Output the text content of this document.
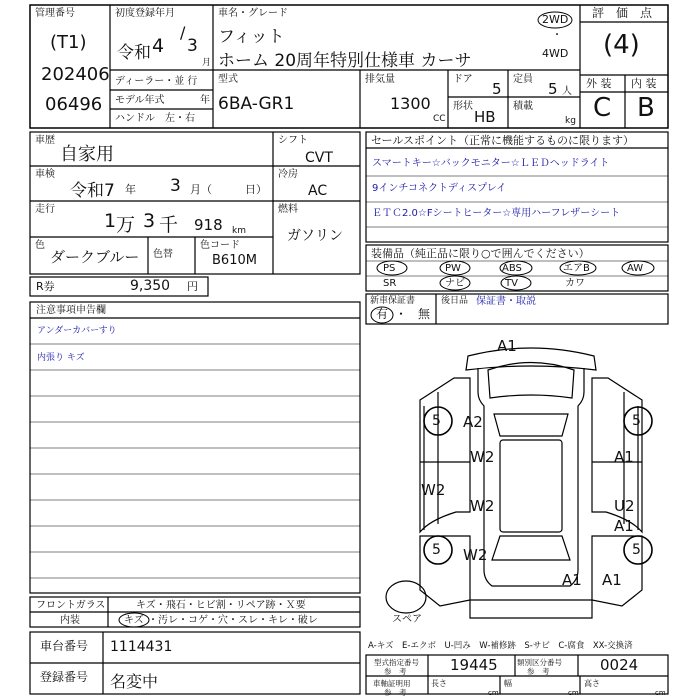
管理番号
(T1)
202406
06496
初度登録年月
令和 4
/
3
月
ディーラー・並 行
モデル年式	年
ハンドル　左・右
車名・グレード
フィット
ホーム 20周年特別仕様車 カーサ
2WD
・
4WD
型式
6BA-GR1
排気量
1300
CC
ドア
5
定員
5 人
形状
HB
積載
kg
評　価　点
(4)
外 装 内 装
C B
車歴
自家用
車検
令和7 年 3 月（	日）
走行
1 万 3 千 918 km
色
ダークブルー 色替
色コード
B610M
シフト
CVT
冷房
AC
燃料
ガソリン
R券	9,350 円
セールスポイント（正常に機能するものに限ります）
スマートキー☆バックモニター☆ＬＥＤヘッドライト
9インチコネクトディスプレイ
ＥＴＣ2.0☆Fシートヒーター☆専用ハーフレザーシート
装備品（純正品に限り○で囲んでください）
PS	PW	ABS	エアB	AW
SR	ナビ	TV	カワ
新車保証書
有 ・ 無
後日品 保証書・取説
注意事項申告欄
アンダーカバーすり
内張り キズ
フロントガラス	キズ・飛石・ヒビ割・リペア跡・Ｘ要
内装	キズ ・汚レ・コゲ・穴・スレ・キレ・破レ
車台番号 1114431
登録番号 名変中
A-キズ　E-エクボ　U-凹み　W-補修跡　S-サビ　C-腐食　XX-交換済
型式指定番号
参　考	19445	類別区分番号
参　考	0024
車軸証明用
参　考
長さ
cm
幅
cm
高さ
cm
A1
5 A2	5
W2	A1
W2
W2	U2
A1
5 W2	5
A1 A1
スペア
